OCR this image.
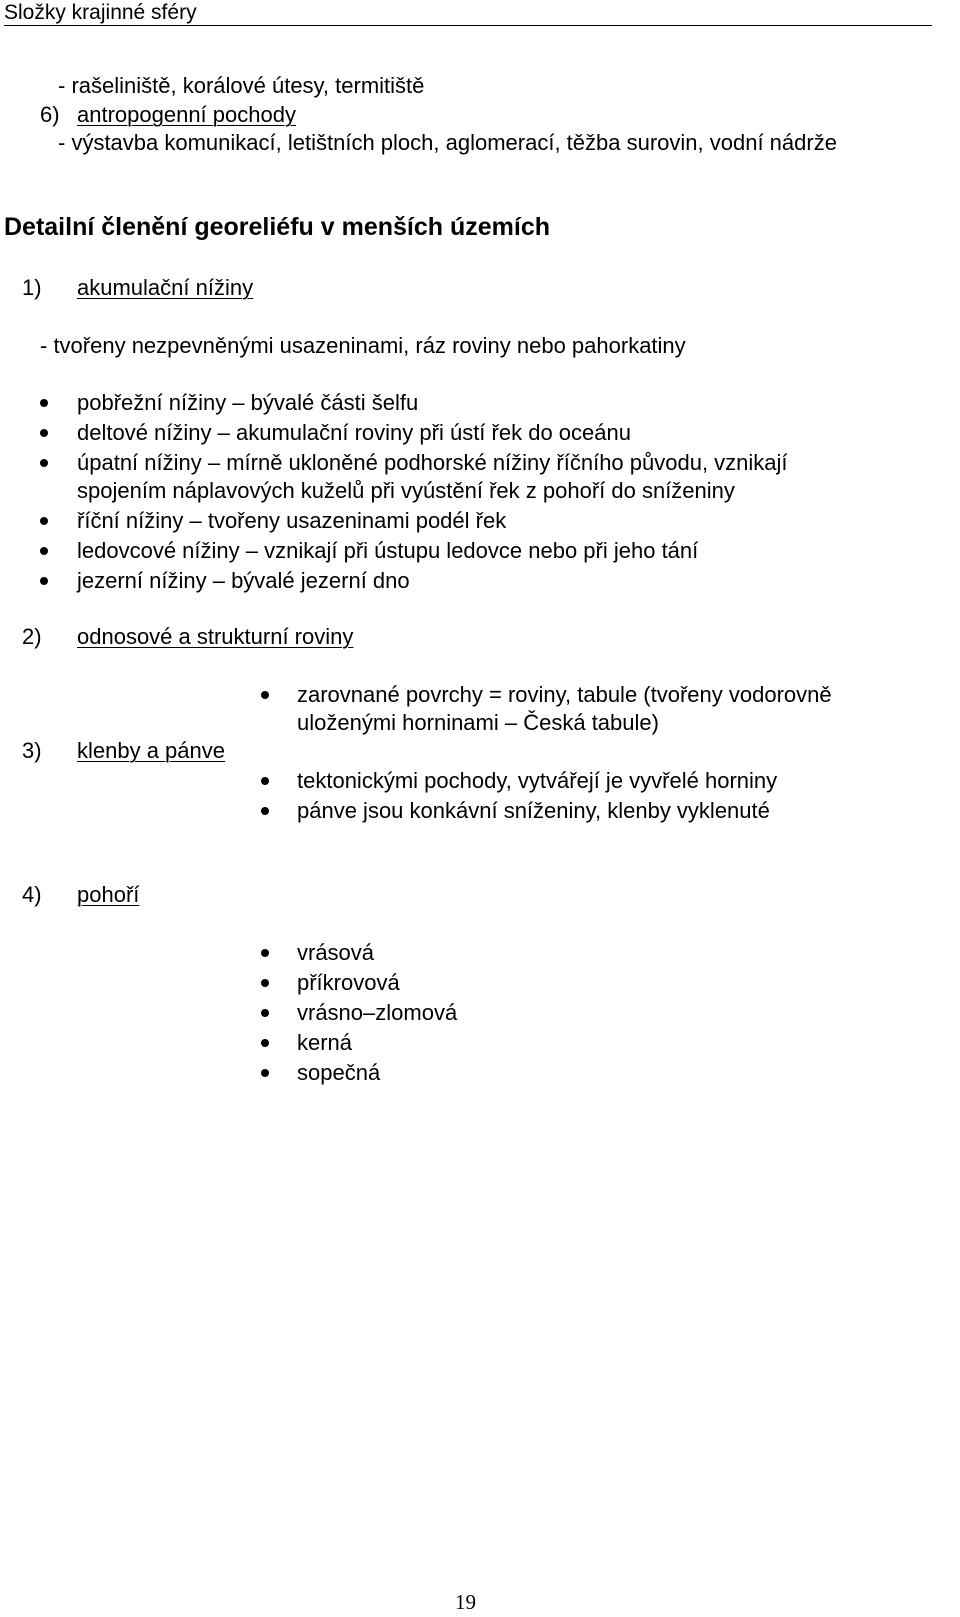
Složky krajinné sféry
- rašeliniště, korálové útesy, termitiště
6) antropogenní pochody
- výstavba komunikací, letištních ploch, aglomerací, těžba surovin, vodní nádrže
Detailní členění georeliéfu v menších územích
1) akumulační nížiny
- tvořeny nezpevněnými usazeninami, ráz roviny nebo pahorkatiny
pobřežní nížiny – bývalé části šelfu
deltové nížiny – akumulační roviny při ústí řek do oceánu
úpatní nížiny – mírně ukloněné podhorské nížiny říčního původu, vznikají
spojením náplavových kuželů při vyústění řek z pohoří do sníženiny
říční nížiny – tvořeny usazeninami podél řek
ledovcové nížiny – vznikají při ústupu ledovce nebo při jeho tání
jezerní nížiny – bývalé jezerní dno
2) odnosové a strukturní roviny
zarovnané povrchy = roviny, tabule (tvořeny vodorovně
uloženými horninami – Česká tabule)
3) klenby a pánve
tektonickými pochody, vytvářejí je vyvřelé horniny
pánve jsou konkávní sníženiny, klenby vyklenuté
4) pohoří
vrásová
příkrovová
vrásno–zlomová
kerná
sopečná
19
